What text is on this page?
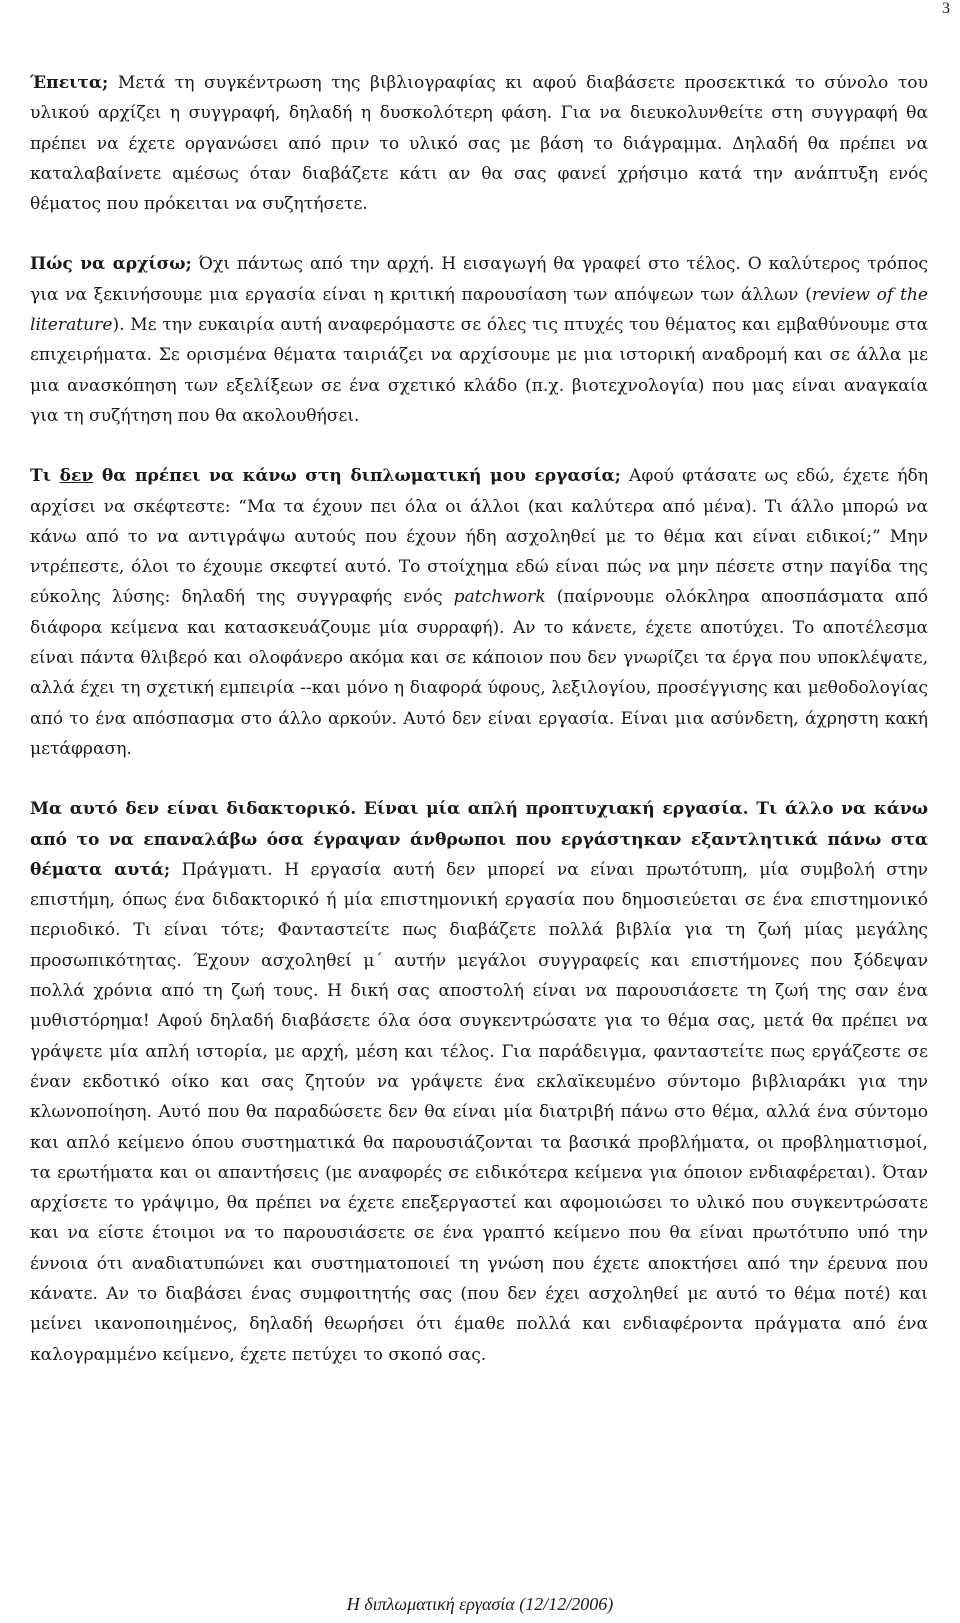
3

Έπειτα; Μετά τη συγκέντρωση της βιβλιογραφίας κι αφού διαβάσετε προσεκτικά το σύνολο του υλικού αρχίζει η συγγραφή, δηλαδή η δυσκολότερη φάση. Για να διευκολυνθείτε στη συγγραφή θα πρέπει να έχετε οργανώσει από πριν το υλικό σας με βάση το διάγραμμα. Δηλαδή θα πρέπει να καταλαβαίνετε αμέσως όταν διαβάζετε κάτι αν θα σας φανεί χρήσιμο κατά την ανάπτυξη ενός θέματος που πρόκειται να συζητήσετε.

Πώς να αρχίσω; Όχι πάντως από την αρχή. Η εισαγωγή θα γραφεί στο τέλος. Ο καλύτερος τρόπος για να ξεκινήσουμε μια εργασία είναι η κριτική παρουσίαση των απόψεων των άλλων (review of the literature). Με την ευκαιρία αυτή αναφερόμαστε σε όλες τις πτυχές του θέματος και εμβαθύνουμε στα επιχειρήματα. Σε ορισμένα θέματα ταιριάζει να αρχίσουμε με μια ιστορική αναδρομή και σε άλλα με μια ανασκόπηση των εξελίξεων σε ένα σχετικό κλάδο (π.χ. βιοτεχνολογία) που μας είναι αναγκαία για τη συζήτηση που θα ακολουθήσει.

Τι δεν θα πρέπει να κάνω στη διπλωματική μου εργασία; Αφού φτάσατε ως εδώ, έχετε ήδη αρχίσει να σκέφτεστε: “Μα τα έχουν πει όλα οι άλλοι (και καλύτερα από μένα). Τι άλλο μπορώ να κάνω από το να αντιγράψω αυτούς που έχουν ήδη ασχοληθεί με το θέμα και είναι ειδικοί;” Μην ντρέπεστε, όλοι το έχουμε σκεφτεί αυτό. Το στοίχημα εδώ είναι πώς να μην πέσετε στην παγίδα της εύκολης λύσης: δηλαδή της συγγραφής ενός patchwork (παίρνουμε ολόκληρα αποσπάσματα από διάφορα κείμενα και κατασκευάζουμε μία συρραφή). Αν το κάνετε, έχετε αποτύχει. Το αποτέλεσμα είναι πάντα θλιβερό και ολοφάνερο ακόμα και σε κάποιον που δεν γνωρίζει τα έργα που υποκλέψατε, αλλά έχει τη σχετική εμπειρία --και μόνο η διαφορά ύφους, λεξιλογίου, προσέγγισης και μεθοδολογίας από το ένα απόσπασμα στο άλλο αρκούν. Αυτό δεν είναι εργασία. Είναι μια ασύνδετη, άχρηστη κακή μετάφραση.

Μα αυτό δεν είναι διδακτορικό. Είναι μία απλή προπτυχιακή εργασία. Τι άλλο να κάνω από το να επαναλάβω όσα έγραψαν άνθρωποι που εργάστηκαν εξαντλητικά πάνω στα θέματα αυτά; Πράγματι. Η εργασία αυτή δεν μπορεί να είναι πρωτότυπη, μία συμβολή στην επιστήμη, όπως ένα διδακτορικό ή μία επιστημονική εργασία που δημοσιεύεται σε ένα επιστημονικό περιοδικό. Τι είναι τότε; Φανταστείτε πως διαβάζετε πολλά βιβλία για τη ζωή μίας μεγάλης προσωπικότητας. Έχουν ασχοληθεί μ΄ αυτήν μεγάλοι συγγραφείς και επιστήμονες που ξόδεψαν πολλά χρόνια από τη ζωή τους. Η δική σας αποστολή είναι να παρουσιάσετε τη ζωή της σαν ένα μυθιστόρημα! Αφού δηλαδή διαβάσετε όλα όσα συγκεντρώσατε για το θέμα σας, μετά θα πρέπει να γράψετε μία απλή ιστορία, με αρχή, μέση και τέλος. Για παράδειγμα, φανταστείτε πως εργάζεστε σε έναν εκδοτικό οίκο και σας ζητούν να γράψετε ένα εκλαϊκευμένο σύντομο βιβλιαράκι για την κλωνοποίηση. Αυτό που θα παραδώσετε δεν θα είναι μία διατριβή πάνω στο θέμα, αλλά ένα σύντομο και απλό κείμενο όπου συστηματικά θα παρουσιάζονται τα βασικά προβλήματα, οι προβληματισμοί, τα ερωτήματα και οι απαντήσεις (με αναφορές σε ειδικότερα κείμενα για όποιον ενδιαφέρεται). Όταν αρχίσετε το γράψιμο, θα πρέπει να έχετε επεξεργαστεί και αφομοιώσει το υλικό που συγκεντρώσατε και να είστε έτοιμοι να το παρουσιάσετε σε ένα γραπτό κείμενο που θα είναι πρωτότυπο υπό την έννοια ότι αναδιατυπώνει και συστηματοποιεί τη γνώση που έχετε αποκτήσει από την έρευνα που κάνατε. Αν το διαβάσει ένας συμφοιτητής σας (που δεν έχει ασχοληθεί με αυτό το θέμα ποτέ) και μείνει ικανοποιημένος, δηλαδή θεωρήσει ότι έμαθε πολλά και ενδιαφέροντα πράγματα από ένα καλογραμμένο κείμενο, έχετε πετύχει το σκοπό σας.

Η διπλωματική εργασία (12/12/2006)
